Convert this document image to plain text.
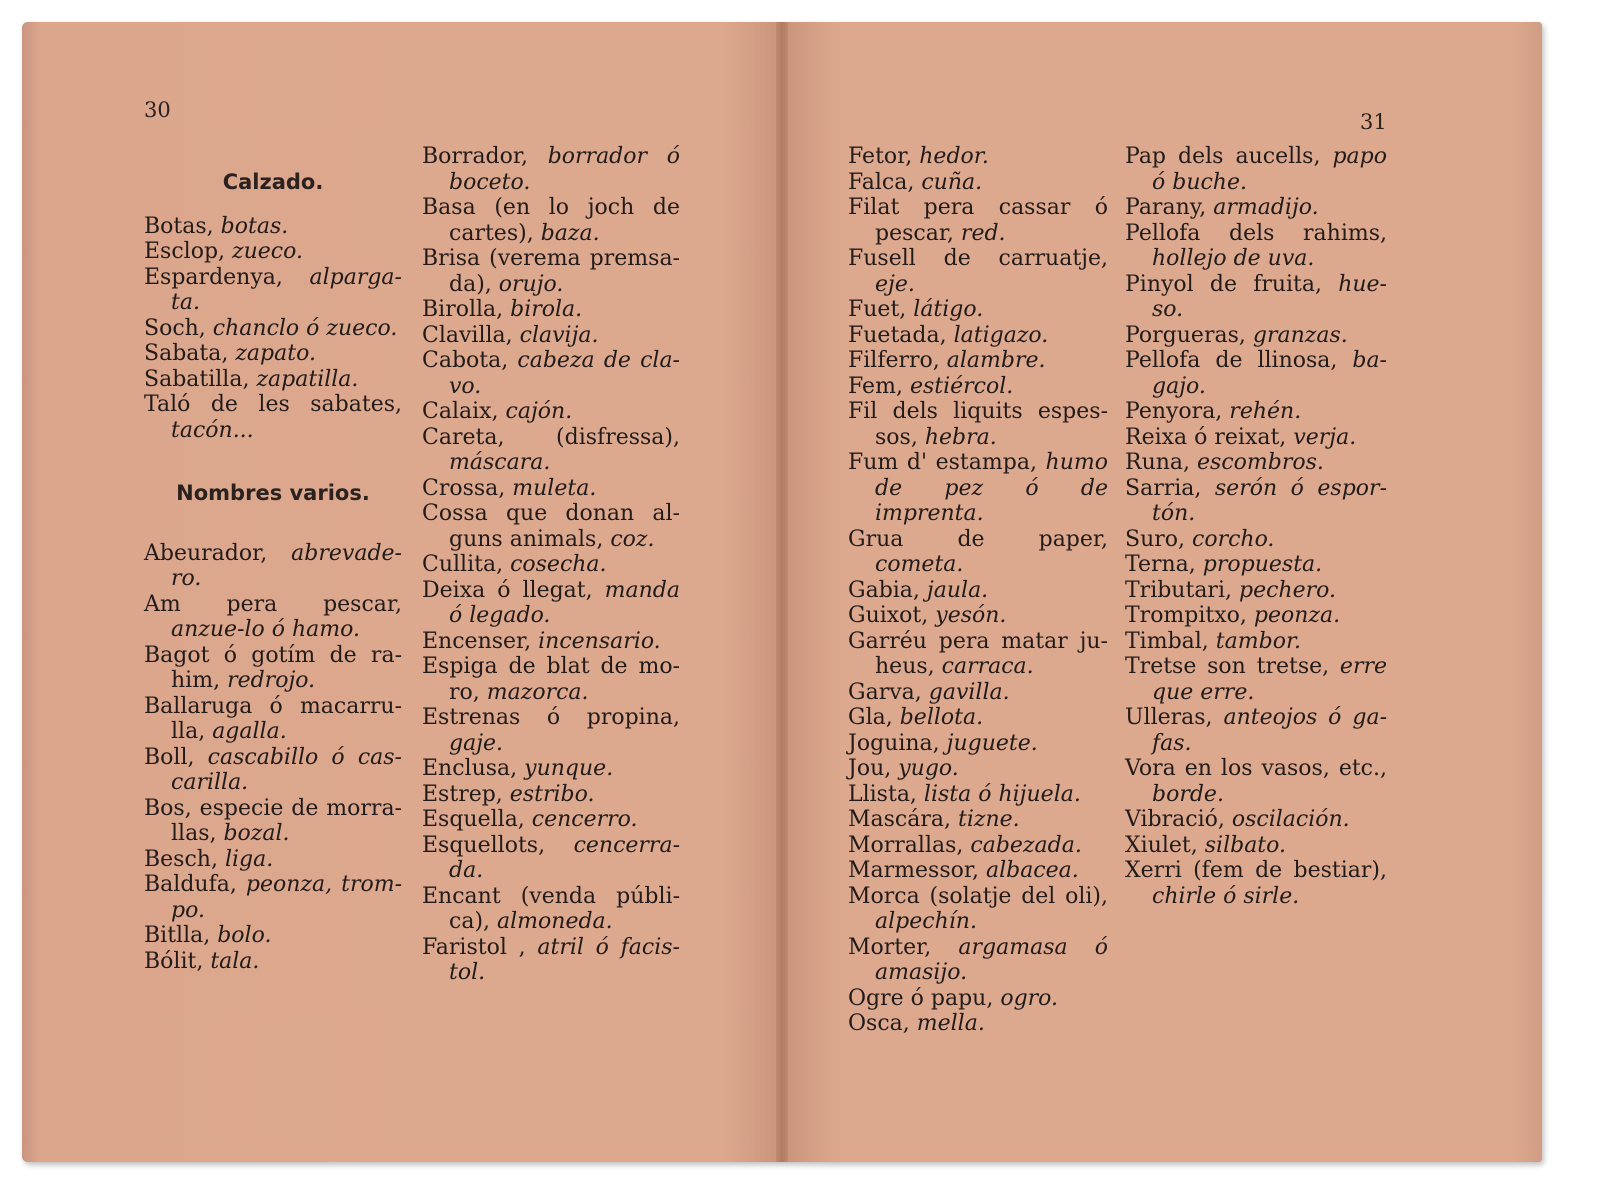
30

Calzado.

Botas, botas.

Esclop, zueco.

Espardenya, alparga-ta.

Soch, chanclo ó zueco.

Sabata, zapato.

Sabatilla, zapatilla.

Taló de les sabates, tacón...

Nombres varios.

Abeurador, abrevade-ro.

Am pera pescar, anzue-lo ó hamo.

Bagot ó gotím de ra-him, redrojo.

Ballaruga ó macarru-lla, agalla.

Boll, cascabillo ó cas-carilla.

Bos, especie de morra-llas, bozal.

Besch, liga.

Baldufa, peonza, trom-po.

Bitlla, bolo.

Bólit, tala.

Borrador, borrador ó boceto.

Basa (en lo joch de cartes), baza.

Brisa (verema premsa-da), orujo.

Birolla, birola.

Clavilla, clavija.

Cabota, cabeza de cla-vo.

Calaix, cajón.

Careta, (disfressa), máscara.

Crossa, muleta.

Cossa que donan al-guns animals, coz.

Cullita, cosecha.

Deixa ó llegat, manda ó legado.

Encenser, incensario.

Espiga de blat de mo-ro, mazorca.

Estrenas ó propina, gaje.

Enclusa, yunque.

Estrep, estribo.

Esquella, cencerro.

Esquellots, cencerra-da.

Encant (venda públi-ca), almoneda.

Faristol , atril ó facis-tol.

31

Fetor, hedor.

Falca, cuña.

Filat pera cassar ó pescar, red.

Fusell de carruatje, eje.

Fuet, látigo.

Fuetada, latigazo.

Filferro, alambre.

Fem, estiércol.

Fil dels liquits espes-sos, hebra.

Fum d' estampa, humo de pez ó de imprenta.

Grua de paper, cometa.

Gabia, jaula.

Guixot, yesón.

Garréu pera matar ju-heus, carraca.

Garva, gavilla.

Gla, bellota.

Joguina, juguete.

Jou, yugo.

Llista, lista ó hijuela.

Mascára, tizne.

Morrallas, cabezada.

Marmessor, albacea.

Morca (solatje del oli), alpechín.

Morter, argamasa ó amasijo.

Ogre ó papu, ogro.

Osca, mella.

Pap dels aucells, papo ó buche.

Parany, armadijo.

Pellofa dels rahims, hollejo de uva.

Pinyol de fruita, hue-so.

Porgueras, granzas.

Pellofa de llinosa, ba-gajo.

Penyora, rehén.

Reixa ó reixat, verja.

Runa, escombros.

Sarria, serón ó espor-tón.

Suro, corcho.

Terna, propuesta.

Tributari, pechero.

Trompitxo, peonza.

Timbal, tambor.

Tretse son tretse, erre que erre.

Ulleras, anteojos ó ga-fas.

Vora en los vasos, etc., borde.

Vibració, oscilación.

Xiulet, silbato.

Xerri (fem de bestiar), chirle ó sirle.
